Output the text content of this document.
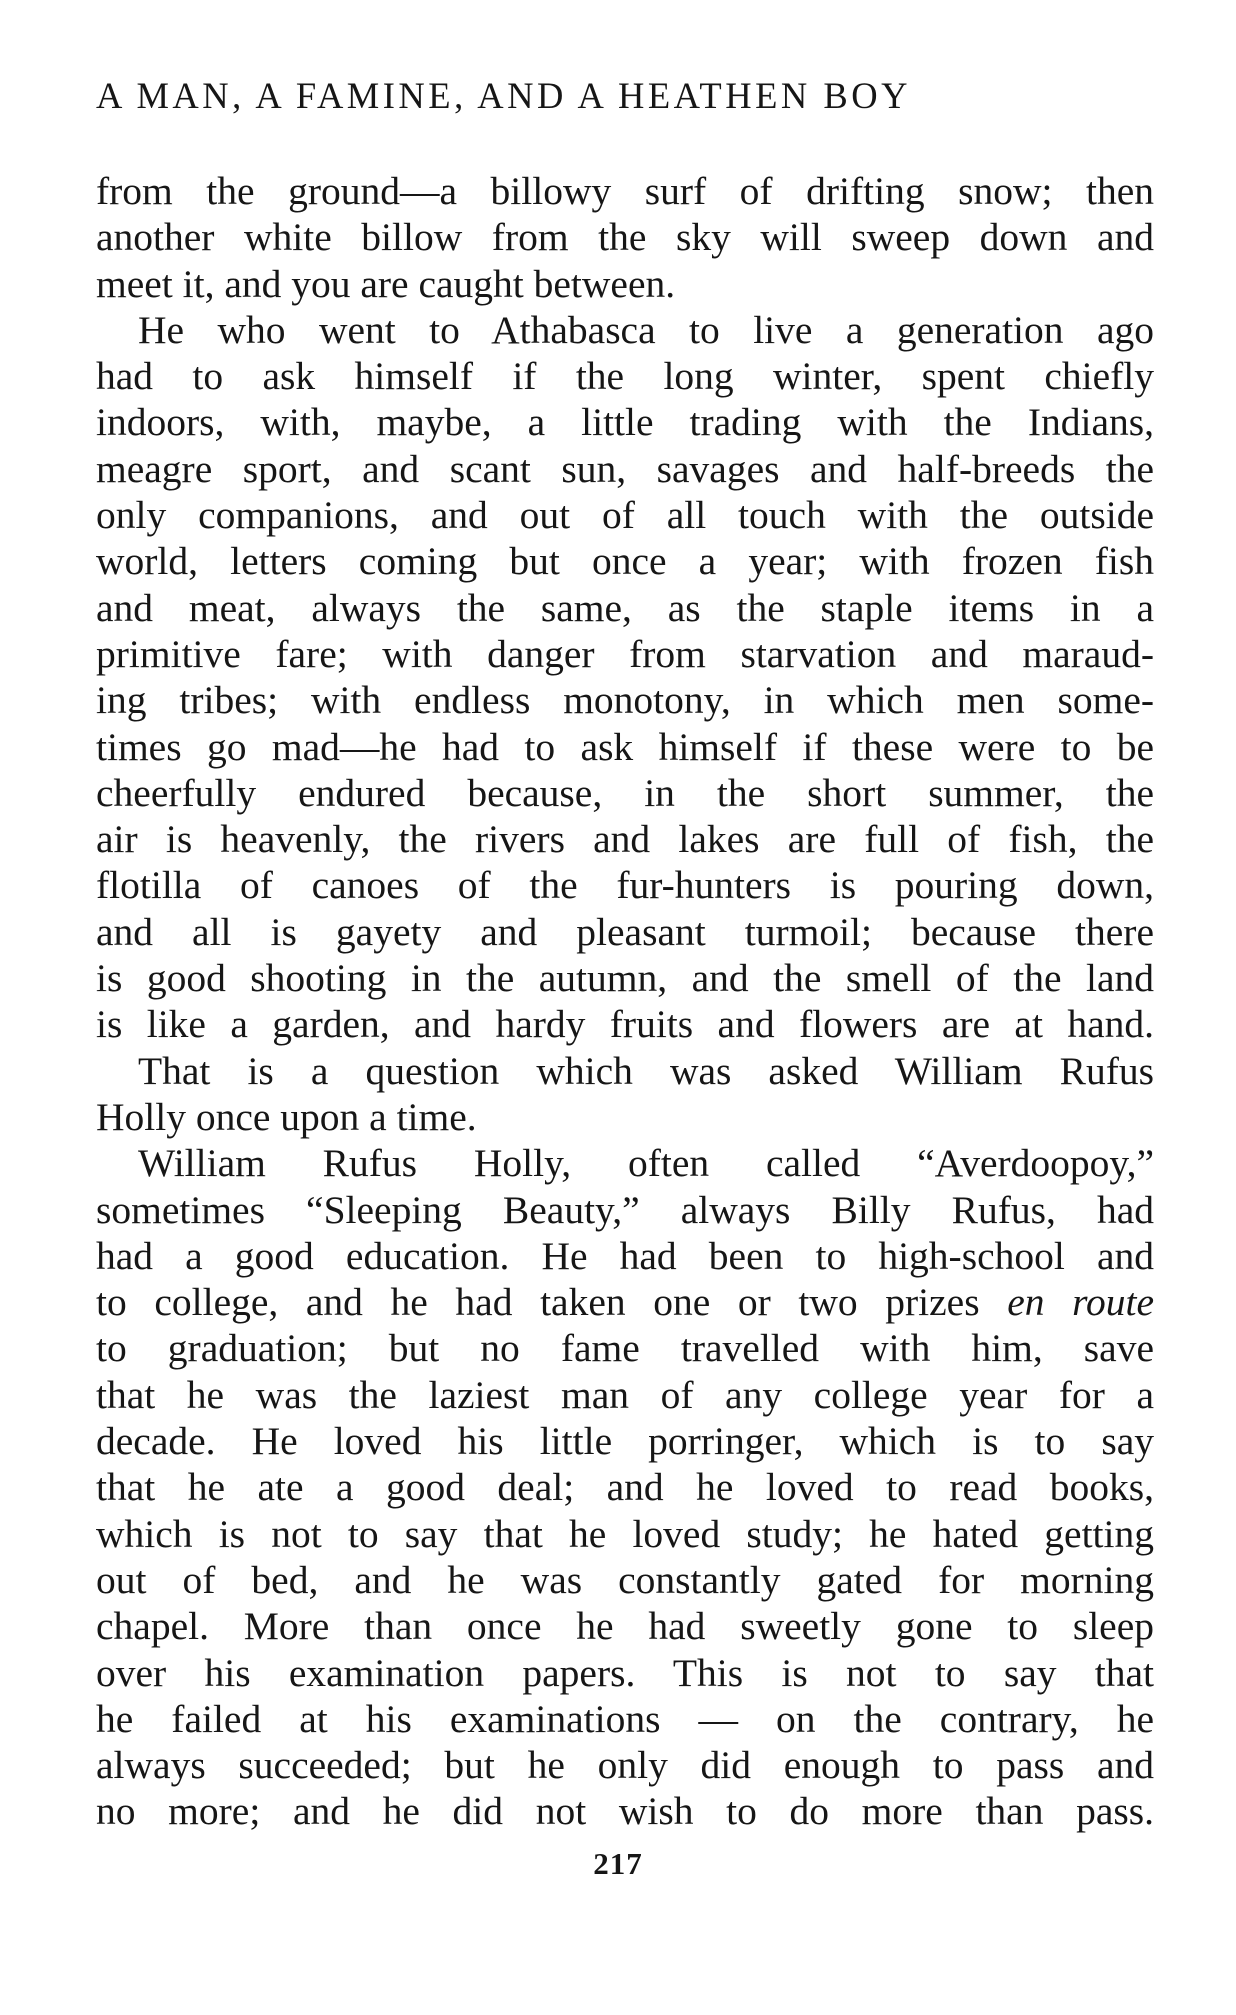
A MAN, A FAMINE, AND A HEATHEN BOY
from the ground—a billowy surf of drifting snow; then
another white billow from the sky will sweep down and
meet it, and you are caught between.
He who went to Athabasca to live a generation ago
had to ask himself if the long winter, spent chiefly
indoors, with, maybe, a little trading with the Indians,
meagre sport, and scant sun, savages and half-breeds the
only companions, and out of all touch with the outside
world, letters coming but once a year; with frozen fish
and meat, always the same, as the staple items in a
primitive fare; with danger from starvation and maraud-
ing tribes; with endless monotony, in which men some-
times go mad—he had to ask himself if these were to be
cheerfully endured because, in the short summer, the
air is heavenly, the rivers and lakes are full of fish, the
flotilla of canoes of the fur-hunters is pouring down,
and all is gayety and pleasant turmoil; because there
is good shooting in the autumn, and the smell of the land
is like a garden, and hardy fruits and flowers are at hand.
That is a question which was asked William Rufus
Holly once upon a time.
William Rufus Holly, often called “Averdoopoy,”
sometimes “Sleeping Beauty,” always Billy Rufus, had
had a good education. He had been to high-school and
to college, and he had taken one or two prizes en route
to graduation; but no fame travelled with him, save
that he was the laziest man of any college year for a
decade. He loved his little porringer, which is to say
that he ate a good deal; and he loved to read books,
which is not to say that he loved study; he hated getting
out of bed, and he was constantly gated for morning
chapel. More than once he had sweetly gone to sleep
over his examination papers. This is not to say that
he failed at his examinations — on the contrary, he
always succeeded; but he only did enough to pass and
no more; and he did not wish to do more than pass.
217
